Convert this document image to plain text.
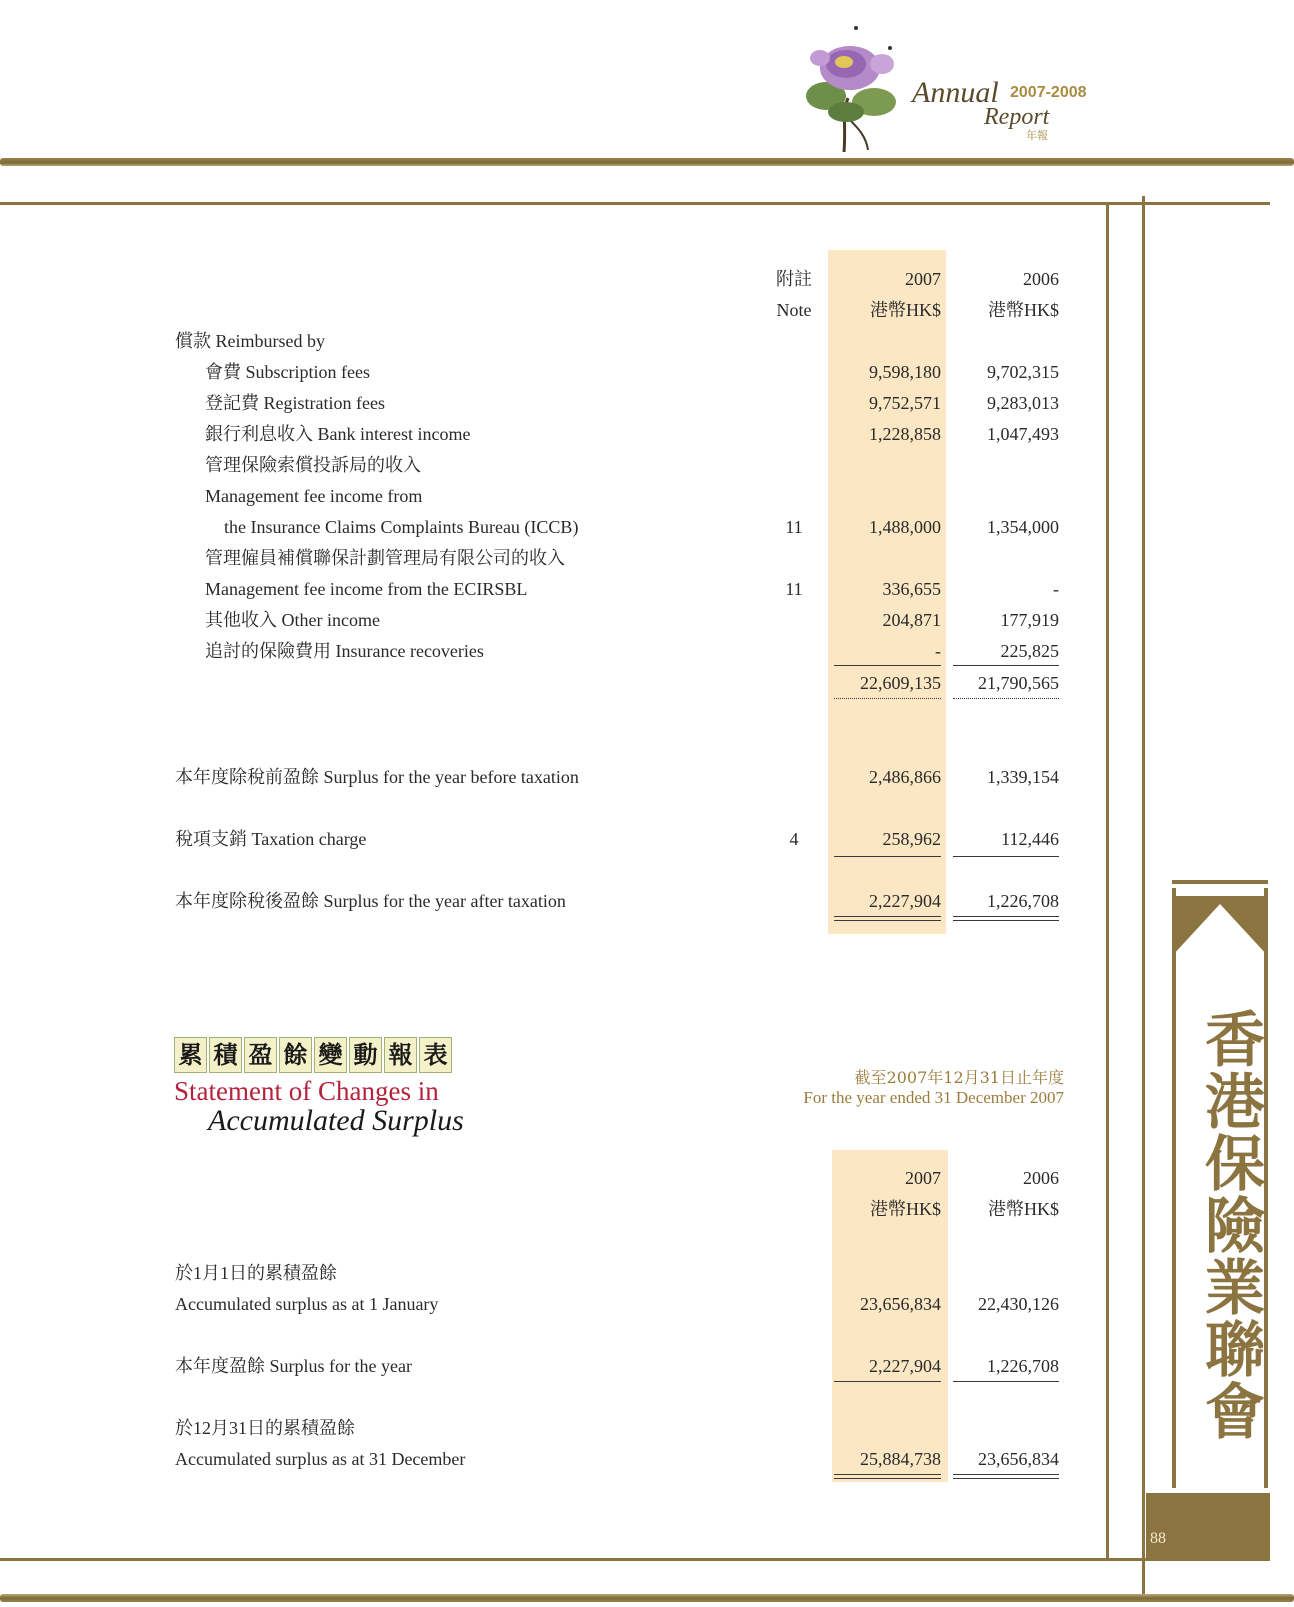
Annual 2007-2008
Report
年報
附註
Note
2007	2006
港幣HK$	港幣HK$
償款 Reimbursed by
會費 Subscription fees	9,598,180	9,702,315
登記費 Registration fees	9,752,571	9,283,013
銀行利息收入 Bank interest income	1,228,858	1,047,493
管理保險索償投訴局的收入
Management fee income from
the Insurance Claims Complaints Bureau (ICCB)	11	1,488,000	1,354,000
管理僱員補償聯保計劃管理局有限公司的收入
Management fee income from the ECIRSBL	11	336,655	-
其他收入 Other income	204,871	177,919
追討的保險費用 Insurance recoveries	-	225,825
22,609,135 21,790,565
本年度除稅前盈餘 Surplus for the year before taxation	2,486,866	1,339,154
稅項支銷 Taxation charge	4	258,962	112,446
本年度除稅後盈餘 Surplus for the year after taxation	2,227,904	1,226,708
累 積 盈 餘 變 動 報 表
Statement of Changes in
Accumulated Surplus
截至2007年12月31日止年度
For the year ended 31 December 2007
2007	2006
港幣HK$	港幣HK$
於1月1日的累積盈餘
Accumulated surplus as at 1 January	23,656,834 22,430,126
本年度盈餘 Surplus for the year	2,227,904	1,226,708
於12月31日的累積盈餘
Accumulated surplus as at 31 December	25,884,738 23,656,834
香港保險業聯會
88
